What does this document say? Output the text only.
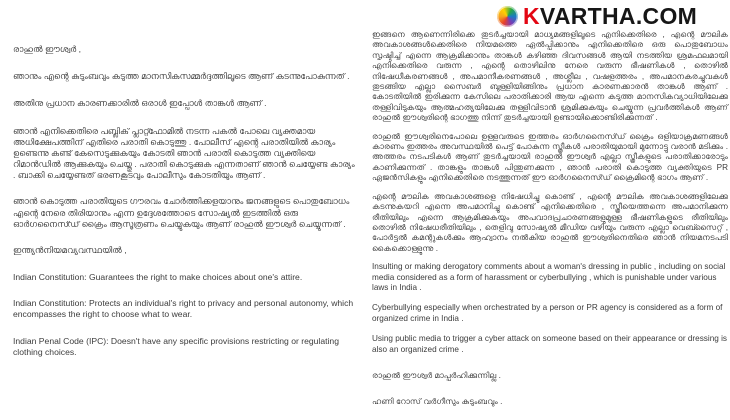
KVARTHA.COM

രാഹുൽ ഈശ്വർ ,

ഞാനും എന്റെ കുടുംബവും കടുത്ത മാനസികസമ്മർദ്ദത്തിലൂടെ ആണ് കടന്നുപോകുന്നത് .

അതിനു പ്രധാന കാരണക്കാരിൽ ഒരാൾ ഇപ്പോൾ താങ്കൾ ആണ് .

ഞാൻ എനിക്കെതിരെ പബ്ലിക് പ്ലാറ്റ്ഫോമിൽ നടന്ന പകൽ പോലെ വ്യക്തമായ അധിക്ഷേപത്തിന് എതിരെ പരാതി കൊടുത്തു . പോലീസ് എന്റെ പരാതിയിൽ കാര്യം ഉണ്ടെന്നു കണ്ട് കേസെടുക്കുകയും കോടതി ഞാൻ പരാതി കൊടുത്ത വ്യക്തിയെ റിമാൻഡിൽ ആക്കുകയും ചെയ്തു . പരാതി കൊടുക്കുക എന്നതാണ് ഞാൻ ചെയ്യേണ്ട കാര്യം . ബാക്കി ചെയ്യേണ്ടത് ഭരണകൂടവും പോലീസും കോടതിയും ആണ് .

ഞാൻ കൊടുത്ത പരാതിയുടെ ഗൗരവം ചോർത്തിക്കളയാനും ജനങ്ങളുടെ പൊതുബോധം എന്റെ നേരെ തിരിയാനും എന്ന ഉദ്ദേശത്തോടെ സോഷ്യൽ ഇടത്തിൽ ഒരു ഓർഗനൈസ്ഡ് ക്രൈം ആസൂത്രണം ചെയ്യുകയും ആണ് രാഹുൽ ഈശ്വർ ചെയ്യുന്നത് .

ഇന്ത്യൻനിയമവ്യവസ്ഥയിൽ ,

Indian Constitution: Guarantees the right to make choices about one's attire.

Indian Constitution: Protects an individual's right to privacy and personal autonomy, which encompasses the right to choose what to wear.

Indian Penal Code (IPC): Doesn't have any specific provisions restricting or regulating clothing choices.

ഇങ്ങനെ ആണെന്നിരിക്കെ തുടർച്ചയായി മാധ്യമങ്ങളിലൂടെ എനിക്കെതിരെ , എന്റെ മൗലിക അവകാശങ്ങൾക്കെതിരെ നിയമത്തെ ഏൽപ്പിക്കാനും എനിക്കെതിരെ ഒരു പൊതുബോധം സൃഷ്ടിച്ച് എന്നെ ആക്രമിക്കാനും താങ്കൾ കഴിഞ്ഞ ദിവസങ്ങൾ ആയി നടത്തിയ ശ്രമഫലമായി എനിക്കെതിരെ വരുന്ന , എന്റെ തൊഴിലിനു നേരെ വരുന്ന ഭീഷണികൾ , തൊഴിൽ നിഷേധീകരണങ്ങൾ , അപമാനീകരണങ്ങൾ , അശ്ലീല , വഷളത്തരം , അപമാനകരച്ചുവകൾ തുടങ്ങിയ എല്ലാ സൈബർ ബുള്ളിയിങ്ങിനും പ്രധാന കാരണക്കാരൻ താങ്കൾ ആണ് . കോടതിയിൽ ഇരിക്കുന്ന കേസിലെ പരാതിക്കാരി ആയ എന്നെ കടുത്ത മാനസികവ്യാധിയിലേക്കു തള്ളിവിടുകയും ആത്മഹത്യയിലേക്കു തള്ളിവിടാൻ ശ്രമിക്കുകയും ചെയ്യുന്ന പ്രവർത്തികൾ ആണ് രാഹുൽ ഈശ്വരിന്റെ ഭാഗത്തു നിന്ന് തുടർച്ചയായി ഉണ്ടായിക്കൊണ്ടിരിക്കുന്നത് .

രാഹുൽ ഈശ്വരിനെപോലെ ഉള്ളവരുടെ ഇത്തരം ഓർഗനൈസ്ഡ് ക്രൈം ഒളിയാക്രമണങ്ങൾ കാരണം ഇത്തരം അവസ്ഥയിൽ പെട്ട് പോകുന്ന സ്ത്രീകൾ പരാതിയുമായി മുന്നോട്ടു വരാൻ മടിക്കും . അത്തരം നടപടികൾ ആണ് തുടർച്ചയായി രാഹുൽ ഈശ്വർ എല്ലാ സ്ത്രീകളുടെ പരാതിക്കാരോടും കാണിക്കുന്നത് . താങ്കളും താങ്കൾ പിന്തുണക്കുന്ന , ഞാൻ പരാതി കൊടുത്ത വ്യക്തിയുടെ PR ഏജൻസികളും എനിക്കെതിരെ നടത്തുന്നത് ഈ ഓർഗനൈസ്ഡ് ക്രൈമിന്റെ ഭാഗം ആണ് .

എന്റെ മൗലിക അവകാശങ്ങളെ നിഷേധിച്ചു കൊണ്ട് , എന്റെ മൗലിക അവകാശങ്ങളിലേക്കു കടന്നുകയറി എന്നെ അപമാനിച്ചു കൊണ്ട് എനിക്കെതിരെ , സ്ത്രീയെത്തന്നെ അപമാനിക്കുന്ന രീതിയിലും എന്നെ ആക്രമിക്കുകയും അപവാദപ്രചാരണങ്ങളുമുള്ള ഭീഷണികളുടെ രീതിയിലും തൊഴിൽ നിഷേധരീതിയിലും , തെളിവു സോഷ്യൽ മീഡിയ വഴിയും വരുന്ന എല്ലാ വെബ്സൈറ്റ് , പോർട്ടൽ കമന്റുകൾക്കും ആഹ്വാനം നൽകിയ രാഹുൽ ഈശ്വരിനെതിരെ ഞാൻ നിയമനടപടി കൈക്കൊള്ളുന്നു .

Insulting or making derogatory comments about a woman's dressing in public , including on social media considered as a form of harassment or cyberbullying , which is punishable under various laws in India .

Cyberbullying especially when orchestrated by a person or PR agency is considered as a form of organized crime in India .

Using public media to trigger a cyber attack on someone based on their appearance or dressing is also an organized crime .

രാഹുൽ ഈശ്വർ മാപ്പർഹിക്കുന്നില്ല .

ഹണി റോസ് വർഗീസും കുടുംബവും .
